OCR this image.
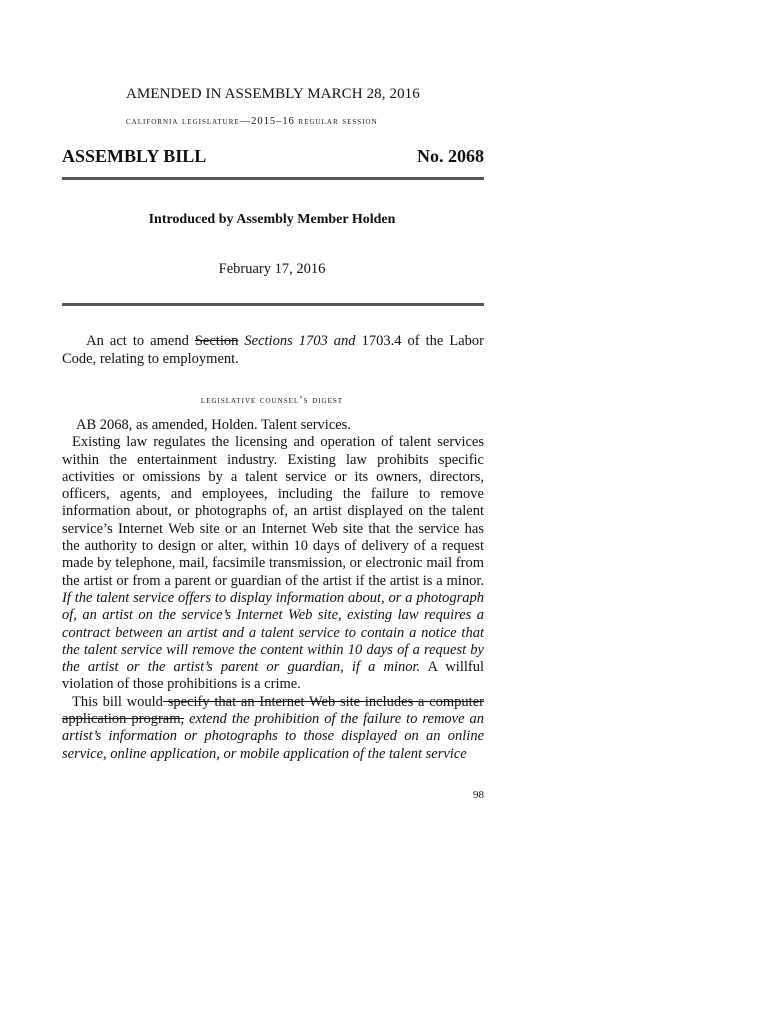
AMENDED IN ASSEMBLY MARCH 28, 2016
california legislature—2015–16 regular session
ASSEMBLY BILL	No. 2068
Introduced by Assembly Member Holden
February 17, 2016
An act to amend Section Sections 1703 and 1703.4 of the Labor Code, relating to employment.
legislative counsel’s digest

AB 2068, as amended, Holden. Talent services.

Existing law regulates the licensing and operation of talent services within the entertainment industry. Existing law prohibits specific activities or omissions by a talent service or its owners, directors, officers, agents, and employees, including the failure to remove information about, or photographs of, an artist displayed on the talent service’s Internet Web site or an Internet Web site that the service has the authority to design or alter, within 10 days of delivery of a request made by telephone, mail, facsimile transmission, or electronic mail from the artist or from a parent or guardian of the artist if the artist is a minor. If the talent service offers to display information about, or a photograph of, an artist on the service’s Internet Web site, existing law requires a contract between an artist and a talent service to contain a notice that the talent service will remove the content within 10 days of a request by the artist or the artist’s parent or guardian, if a minor. A willful violation of those prohibitions is a crime.

This bill would specify that an Internet Web site includes a computer application program, extend the prohibition of the failure to remove an artist’s information or photographs to those displayed on an online service, online application, or mobile application of the talent service

98
